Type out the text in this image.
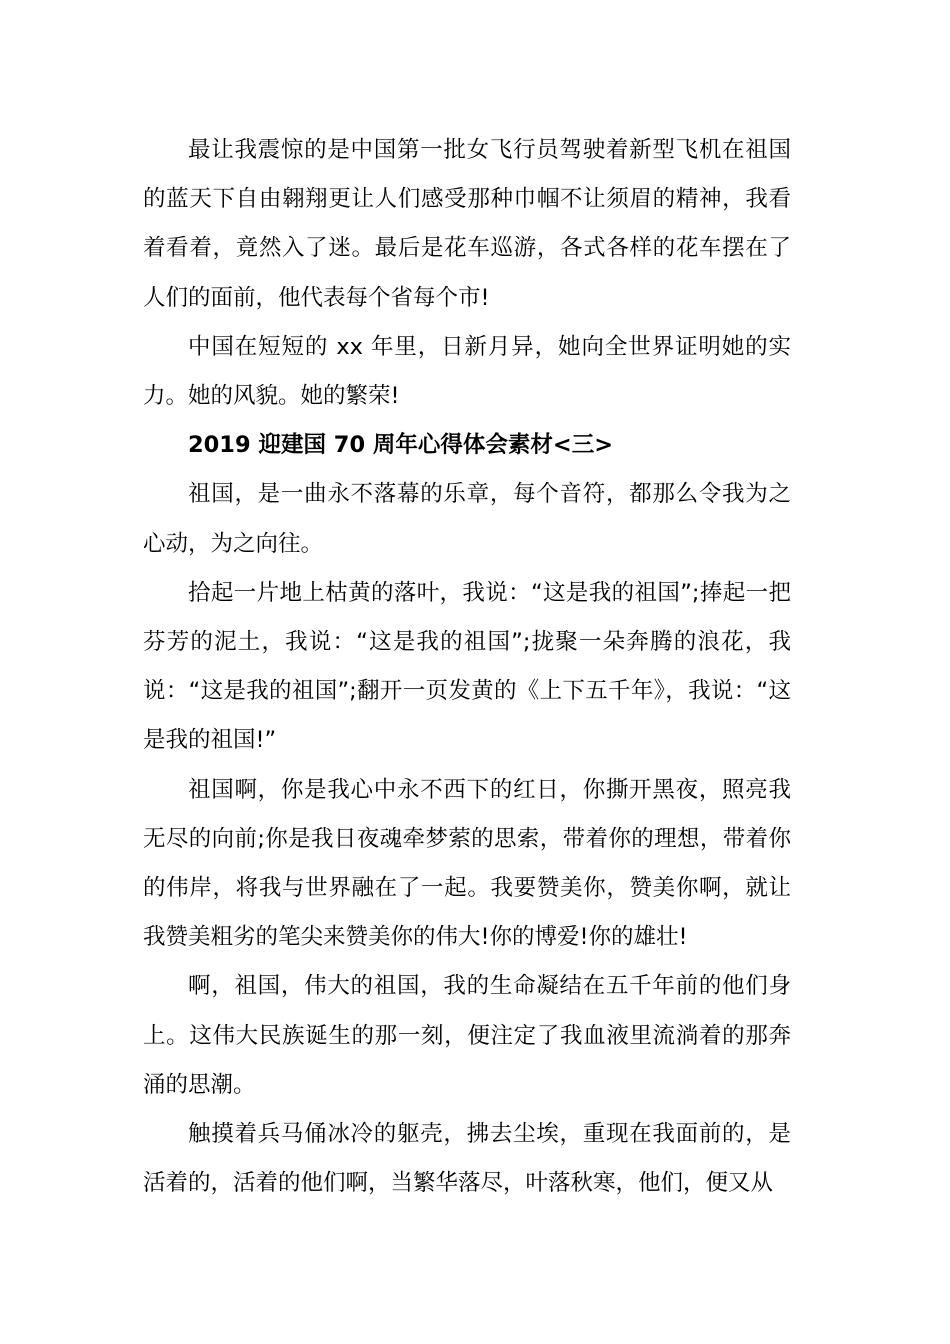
最让我震惊的是中国第一批女飞行员驾驶着新型飞机在祖国的蓝天下自由翱翔更让人们感受那种巾帼不让须眉的精神，我看着看着，竟然入了迷。最后是花车巡游，各式各样的花车摆在了人们的面前，他代表每个省每个市!

中国在短短的 xx 年里，日新月异，她向全世界证明她的实力。她的风貌。她的繁荣!

2019 迎建国 70 周年心得体会素材<三>

祖国，是一曲永不落幕的乐章，每个音符，都那么令我为之心动，为之向往。

拾起一片地上枯黄的落叶，我说：“这是我的祖国”;捧起一把芬芳的泥土，我说：“这是我的祖国”;拢聚一朵奔腾的浪花，我说：“这是我的祖国”;翻开一页发黄的《上下五千年》，我说：“这是我的祖国!”

祖国啊，你是我心中永不西下的红日，你撕开黑夜，照亮我无尽的向前;你是我日夜魂牵梦萦的思索，带着你的理想，带着你的伟岸，将我与世界融在了一起。我要赞美你，赞美你啊，就让我赞美粗劣的笔尖来赞美你的伟大!你的博爱!你的雄壮!

啊，祖国，伟大的祖国，我的生命凝结在五千年前的他们身上。这伟大民族诞生的那一刻，便注定了我血液里流淌着的那奔涌的思潮。

触摸着兵马俑冰冷的躯壳，拂去尘埃，重现在我面前的，是活着的，活着的他们啊，当繁华落尽，叶落秋寒，他们，便又从
